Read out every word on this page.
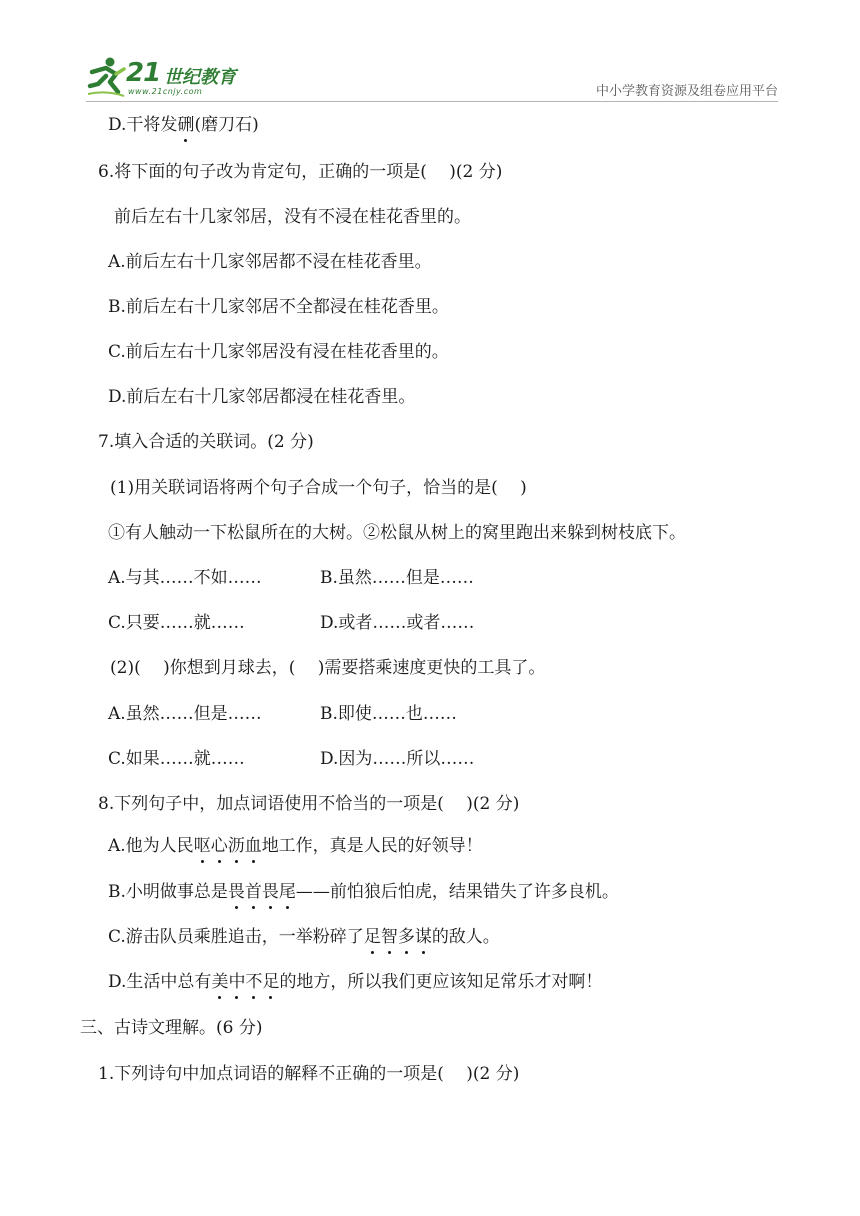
21 世纪教育
www.21cnjy.com	中小学教育资源及组卷应用平台
D.干将发硎(磨刀石)
6.将下面的句子改为肯定句，正确的一项是(　 )(2 分)
前后左右十几家邻居，没有不浸在桂花香里的。
A.前后左右十几家邻居都不浸在桂花香里。
B.前后左右十几家邻居不全都浸在桂花香里。
C.前后左右十几家邻居没有浸在桂花香里的。
D.前后左右十几家邻居都浸在桂花香里。
7.填入合适的关联词。(2 分)
(1)用关联词语将两个句子合成一个句子，恰当的是(　 )
①有人触动一下松鼠所在的大树。②松鼠从树上的窝里跑出来躲到树枝底下。
A.与其……不如……	B.虽然……但是……
C.只要……就……	D.或者……或者……
(2)(　 )你想到月球去，(　 )需要搭乘速度更快的工具了。
A.虽然……但是……	B.即使……也……
C.如果……就……	D.因为……所以……
8.下列句子中，加点词语使用不恰当的一项是(　 )(2 分)
A.他为人民呕心沥血地工作，真是人民的好领导！
B.小明做事总是畏首畏尾——前怕狼后怕虎，结果错失了许多良机。
C.游击队员乘胜追击，一举粉碎了足智多谋的敌人。
D.生活中总有美中不足的地方，所以我们更应该知足常乐才对啊！
三、古诗文理解。(6 分)
1.下列诗句中加点词语的解释不正确的一项是(　 )(2 分)
